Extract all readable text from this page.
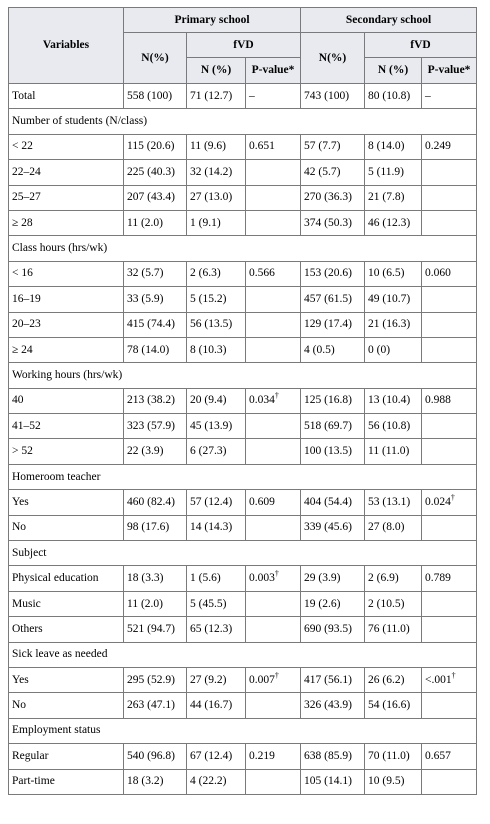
Variables	Primary school			Secondary school		
	N(%)	fVD		N(%)	fVD	
		N (%)	P-value*		N (%)	P-value*
Total	558 (100)	71 (12.7)	–	743 (100)	80 (10.8)	–
Number of students (N/class)						
< 22	115 (20.6)	11 (9.6)	0.651	57 (7.7)	8 (14.0)	0.249
22–24	225 (40.3)	32 (14.2)		42 (5.7)	5 (11.9)	
25–27	207 (43.4)	27 (13.0)		270 (36.3)	21 (7.8)	
≥ 28	11 (2.0)	1 (9.1)		374 (50.3)	46 (12.3)	
Class hours (hrs/wk)						
< 16	32 (5.7)	2 (6.3)	0.566	153 (20.6)	10 (6.5)	0.060
16–19	33 (5.9)	5 (15.2)		457 (61.5)	49 (10.7)	
20–23	415 (74.4)	56 (13.5)		129 (17.4)	21 (16.3)	
≥ 24	78 (14.0)	8 (10.3)		4 (0.5)	0 (0)	
Working hours (hrs/wk)						
40	213 (38.2)	20 (9.4)	0.034†	125 (16.8)	13 (10.4)	0.988
41–52	323 (57.9)	45 (13.9)		518 (69.7)	56 (10.8)	
> 52	22 (3.9)	6 (27.3)		100 (13.5)	11 (11.0)	
Homeroom teacher						
Yes	460 (82.4)	57 (12.4)	0.609	404 (54.4)	53 (13.1)	0.024†
No	98 (17.6)	14 (14.3)		339 (45.6)	27 (8.0)	
Subject						
Physical education	18 (3.3)	1 (5.6)	0.003†	29 (3.9)	2 (6.9)	0.789
Music	11 (2.0)	5 (45.5)		19 (2.6)	2 (10.5)	
Others	521 (94.7)	65 (12.3)		690 (93.5)	76 (11.0)	
Sick leave as needed						
Yes	295 (52.9)	27 (9.2)	0.007†	417 (56.1)	26 (6.2)	<.001†
No	263 (47.1)	44 (16.7)		326 (43.9)	54 (16.6)	
Employment status						
Regular	540 (96.8)	67 (12.4)	0.219	638 (85.9)	70 (11.0)	0.657
Part-time	18 (3.2)	4 (22.2)		105 (14.1)	10 (9.5)	
